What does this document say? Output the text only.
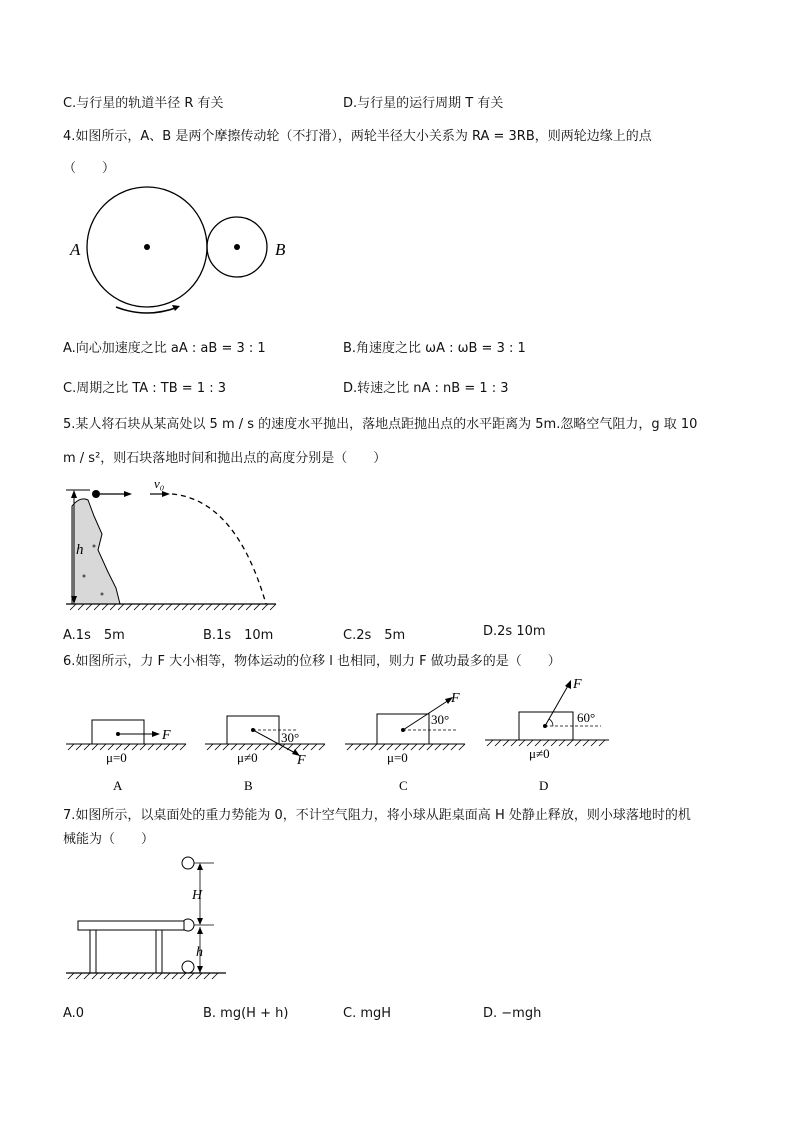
C.与行星的轨道半径 R 有关	D.与行星的运行周期 T 有关
4.如图所示，A、B 是两个摩擦传动轮（不打滑），两轮半径大小关系为 RA = 3RB，则两轮边缘上的点
（　　）
A	B
A.向心加速度之比 aA : aB = 3 : 1	B.角速度之比 ωA : ωB = 3 : 1
C.周期之比 TA : TB = 1 : 3	D.转速之比 nA : nB = 1 : 3
5.某人将石块从某高处以 5 m / s 的速度水平抛出，落地点距抛出点的水平距离为 5m.忽略空气阻力，g 取 10
m / s²，则石块落地时间和抛出点的高度分别是（　　）
h
v₀
A.1s　5m	B.1s　10m	C.2s　5m	D.2s 10m
6.如图所示，力 F 大小相等，物体运动的位移 l 也相同，则力 F 做功最多的是（　　）
F
μ=0
A
30°
F
μ≠0
B
F
30°
μ=0
C
F
60°
μ≠0
D
7.如图所示，以桌面处的重力势能为 0，不计空气阻力，将小球从距桌面高 H 处静止释放，则小球落地时的机
械能为（　　）
H
h
A.0	B. mg(H + h)	C. mgH	D. −mgh
